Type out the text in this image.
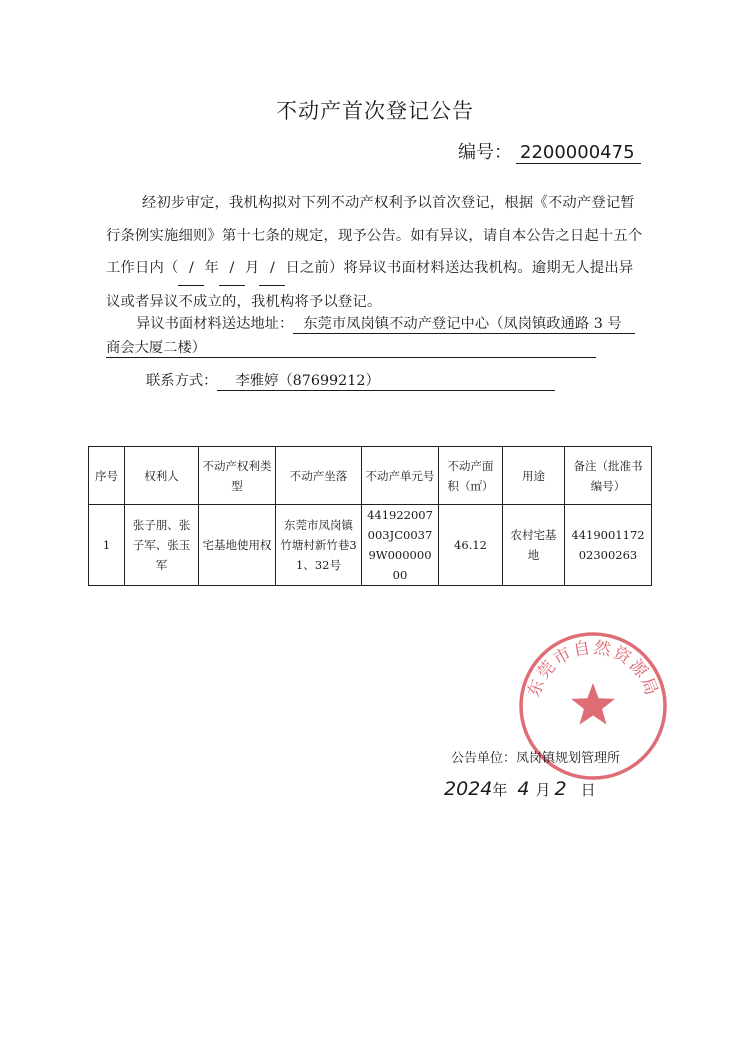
不动产首次登记公告
编号： 2200000475
经初步审定，我机构拟对下列不动产权利予以首次登记，根据《不动产登记暂行条例实施细则》第十七条的规定，现予公告。如有异议，请自本公告之日起十五个工作日内（ / 年 / 月 / 日之前）将异议书面材料送达我机构。逾期无人提出异议或者异议不成立的，我机构将予以登记。
异议书面材料送达地址： 东莞市凤岗镇不动产登记中心（凤岗镇政通路 3 号
商会大厦二楼）
联系方式： 李雅婷（87699212）
序号	权利人	不动产权利类型	不动产坐落	不动产单元号	不动产面积（㎡）	用途	备注（批准书编号）
1	张子朋、张子军、张玉军	宅基地使用权	东莞市凤岗镇竹塘村新竹巷31、32号	441922007003JC00379W00000000	46.12	农村宅基地	441900117202300263
东莞市自然资源局
公告单位：凤岗镇规划管理所
2024年 4 月 2 日
